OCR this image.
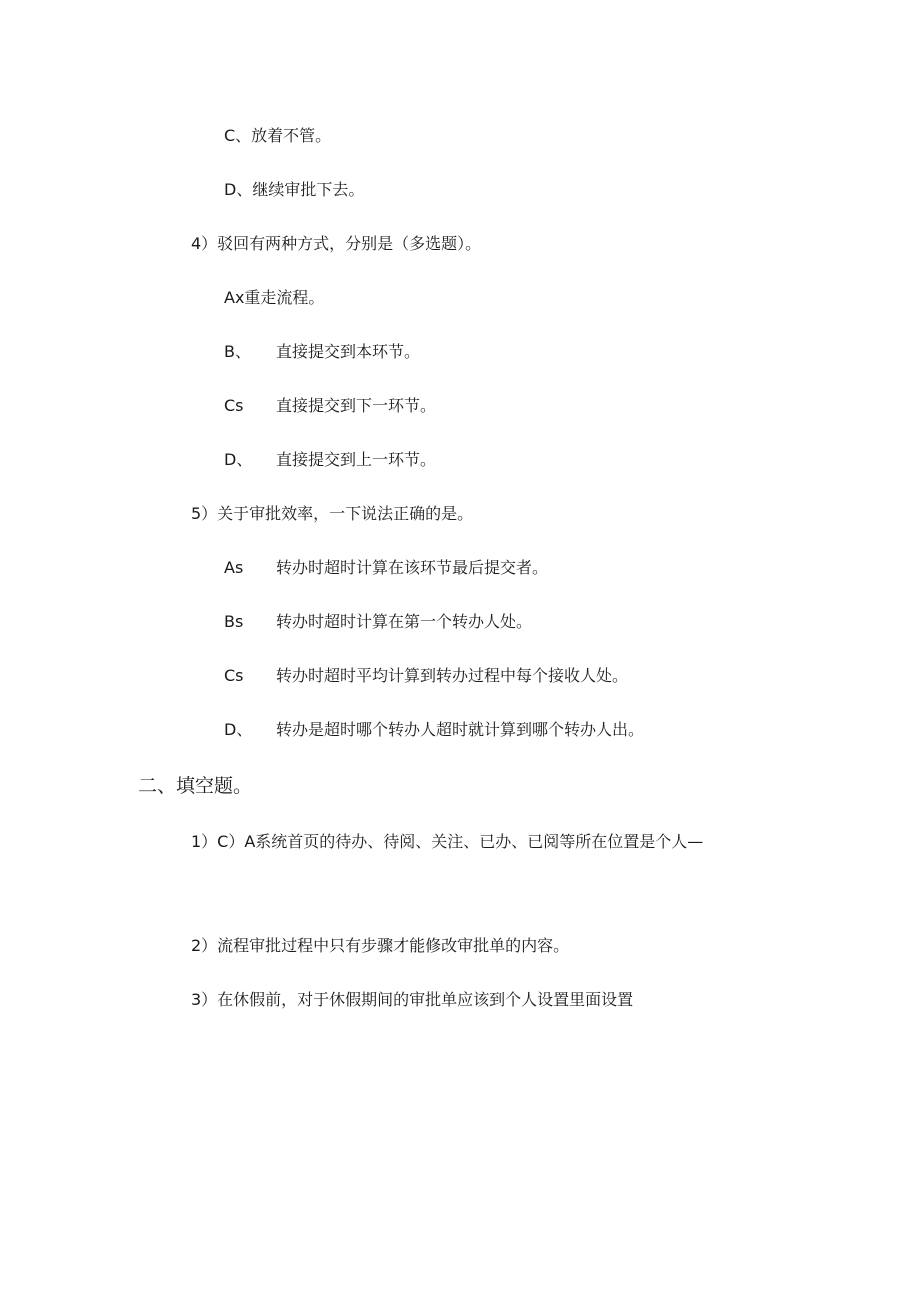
C、放着不管。
D、继续审批下去。
4）驳回有两种方式，分别是（多选题）。
Ax重走流程。
B、 直接提交到本环节。
Cs 直接提交到下一环节。
D、 直接提交到上一环节。
5）关于审批效率，一下说法正确的是。
As 转办时超时计算在该环节最后提交者。
Bs 转办时超时计算在第一个转办人处。
Cs 转办时超时平均计算到转办过程中每个接收人处。
D、 转办是超时哪个转办人超时就计算到哪个转办人出。
二、填空题。
1）C）A系统首页的待办、待阅、关注、已办、已阅等所在位置是个人—
2）流程审批过程中只有步骤才能修改审批单的内容。
3）在休假前，对于休假期间的审批单应该到个人设置里面设置
